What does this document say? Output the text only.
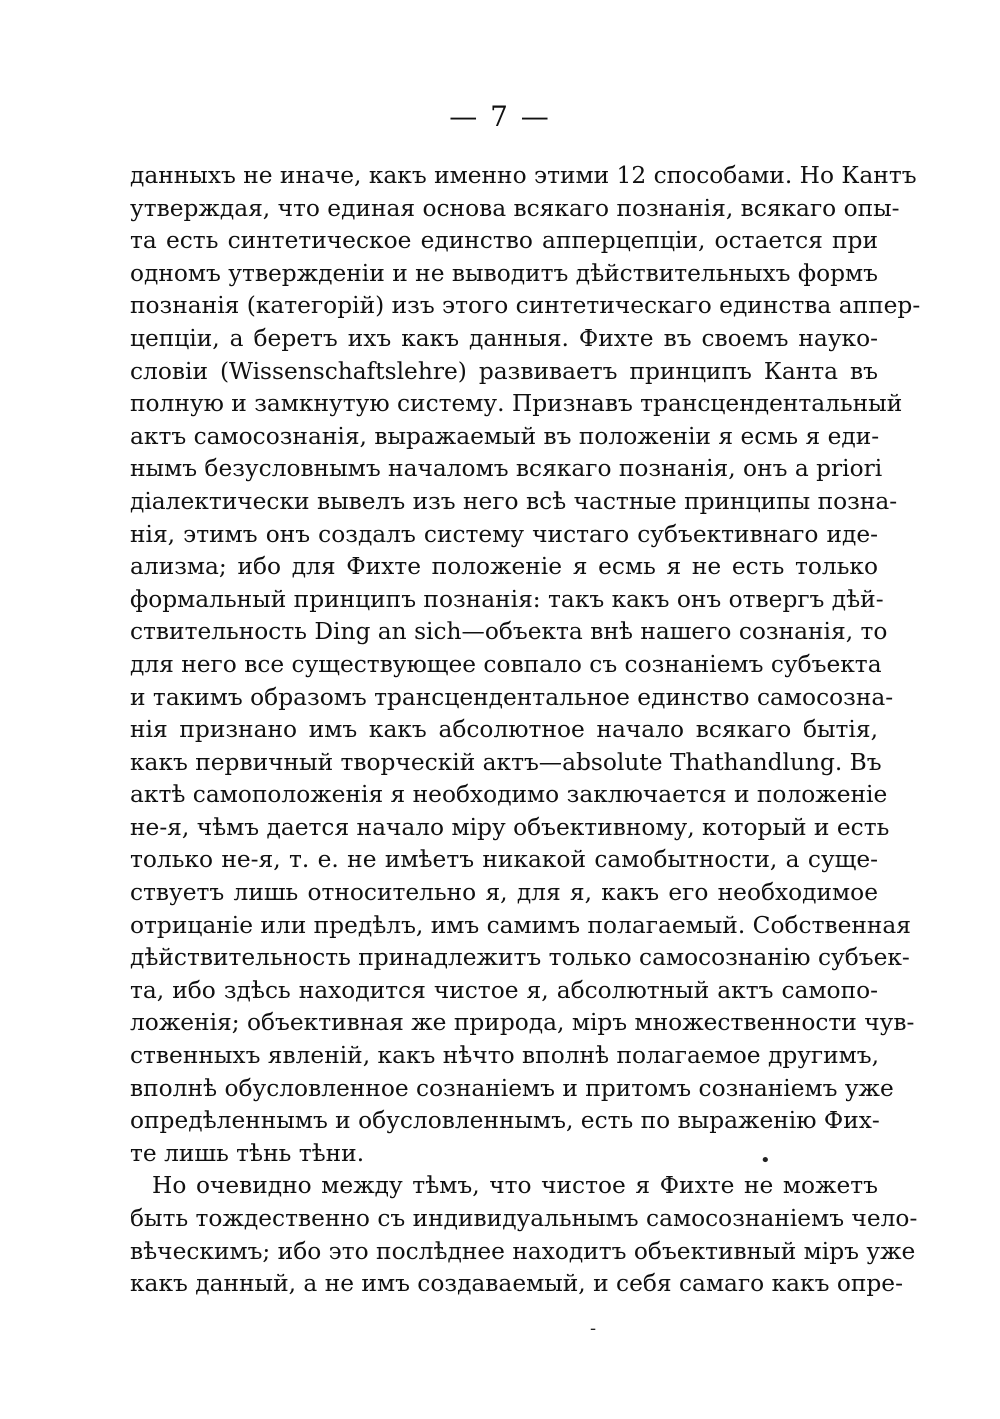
— 7 —
данныхъ не иначе, какъ именно этими 12 способами. Но Кантъ
утверждая, что единая основа всякаго познанія, всякаго опы-
та есть синтетическое единство апперцепціи, остается при
одномъ утвержденіи и не выводитъ дѣйствительныхъ формъ
познанія (категорій) изъ этого синтетическаго единства аппер-
цепціи, а беретъ ихъ какъ данныя. Фихте въ своемъ науко-
словіи (Wissenschaftslehre) развиваетъ принципъ Канта въ
полную и замкнутую систему. Признавъ трансцендентальный
актъ самосознанія, выражаемый въ положеніи я есмь я еди-
нымъ безусловнымъ началомъ всякаго познанія, онъ a priori
діалектически вывелъ изъ него всѣ частные принципы позна-
нія, этимъ онъ создалъ систему чистаго субъективнаго иде-
ализма; ибо для Фихте положеніе я есмь я не есть только
формальный принципъ познанія: такъ какъ онъ отвергъ дѣй-
ствительность Ding an sich—объекта внѣ нашего сознанія, то
для него все существующее совпало съ сознаніемъ субъекта
и такимъ образомъ трансцендентальное единство самосозна-
нія признано имъ какъ абсолютное начало всякаго бытія,
какъ первичный творческій актъ—absolute Thathandlung. Въ
актѣ самоположенія я необходимо заключается и положеніе
не-я, чѣмъ дается начало міру объективному, который и есть
только не-я, т. е. не имѣетъ никакой самобытности, а суще-
ствуетъ лишь относительно я, для я, какъ его необходимое
отрицаніе или предѣлъ, имъ самимъ полагаемый. Собственная
дѣйствительность принадлежитъ только самосознанію субъек-
та, ибо здѣсь находится чистое я, абсолютный актъ самопо-
ложенія; объективная же природа, міръ множественности чув-
ственныхъ явленій, какъ нѣчто вполнѣ полагаемое другимъ,
вполнѣ обусловленное сознаніемъ и притомъ сознаніемъ уже
опредѣленнымъ и обусловленнымъ, есть по выраженію Фих-
те лишь тѣнь тѣни.
Но очевидно между тѣмъ, что чистое я Фихте не можетъ
быть тождественно съ индивидуальнымъ самосознаніемъ чело-
вѣческимъ; ибо это послѣднее находитъ объективный міръ уже
какъ данный, а не имъ создаваемый, и себя самаго какъ опре-
•
-
